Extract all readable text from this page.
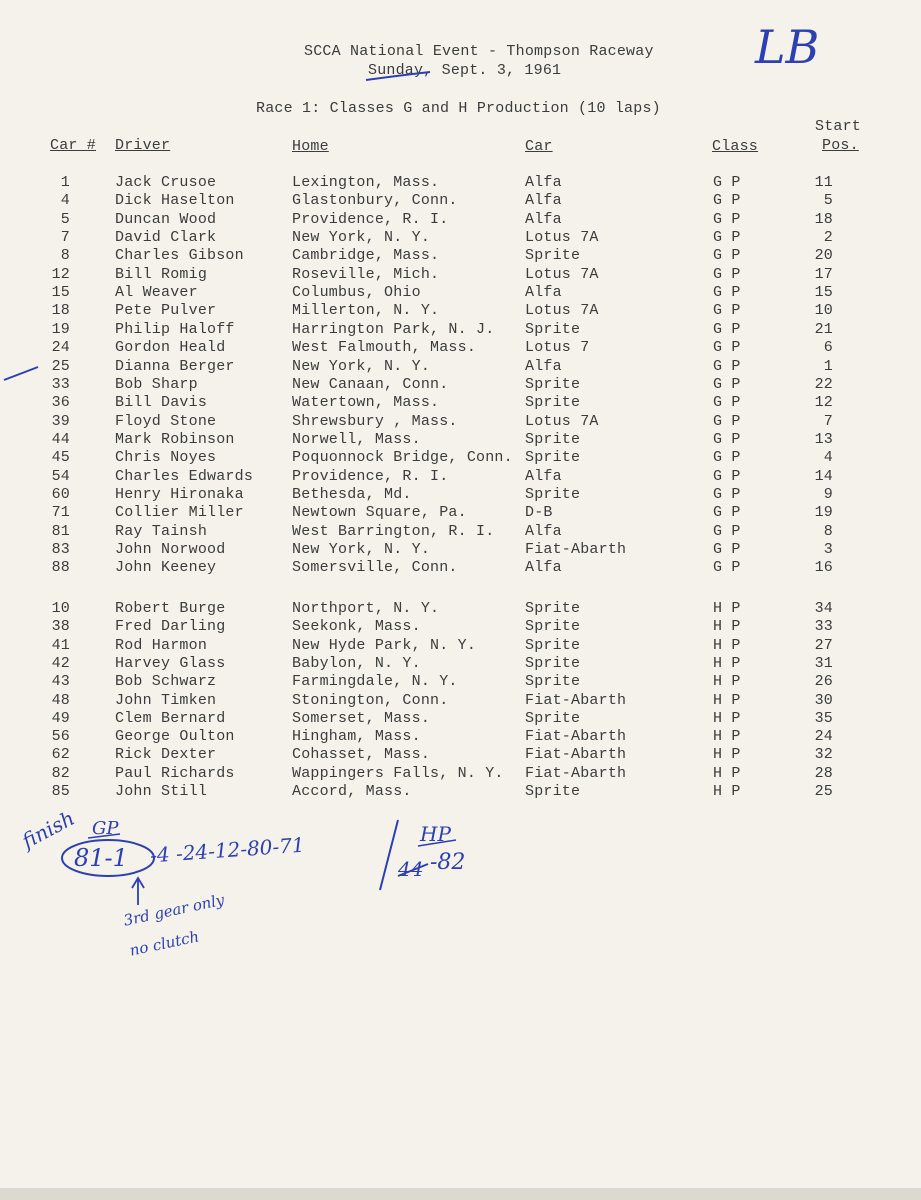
SCCA National Event - Thompson Raceway
Sunday, Sept. 3, 1961
Race 1: Classes G and H Production (10 laps)
Car # Driver	Home	Car	Class
Start
Pos.
1	Jack Crusoe	Lexington, Mass.	Alfa	G P	11
4	Dick Haselton	Glastonbury, Conn.	Alfa	G P	5
5	Duncan Wood	Providence, R. I.	Alfa	G P	18
7	David Clark	New York, N. Y.	Lotus 7A	G P	2
8	Charles Gibson	Cambridge, Mass.	Sprite	G P	20
12	Bill Romig	Roseville, Mich.	Lotus 7A	G P	17
15	Al Weaver	Columbus, Ohio	Alfa	G P	15
18	Pete Pulver	Millerton, N. Y.	Lotus 7A	G P	10
19	Philip Haloff	Harrington Park, N. J. Sprite	G P	21
24	Gordon Heald	West Falmouth, Mass.	Lotus 7	G P	6
25	Dianna Berger	New York, N. Y.	Alfa	G P	1
33	Bob Sharp	New Canaan, Conn.	Sprite	G P	22
36	Bill Davis	Watertown, Mass.	Sprite	G P	12
39	Floyd Stone	Shrewsbury , Mass.	Lotus 7A	G P	7
44	Mark Robinson	Norwell, Mass.	Sprite	G P	13
45	Chris Noyes	Poquonnock Bridge, Conn. Sprite	G P	4
54	Charles Edwards	Providence, R. I.	Alfa	G P	14
60	Henry Hironaka	Bethesda, Md.	Sprite	G P	9
71	Collier Miller	Newtown Square, Pa.	D-B	G P	19
81	Ray Tainsh	West Barrington, R. I. Alfa	G P	8
83	John Norwood	New York, N. Y.	Fiat-Abarth	G P	3
88	John Keeney	Somersville, Conn.	Alfa	G P	16
10	Robert Burge	Northport, N. Y.	Sprite	H P	34
38	Fred Darling	Seekonk, Mass.	Sprite	H P	33
41	Rod Harmon	New Hyde Park, N. Y.	Sprite	H P	27
42	Harvey Glass	Babylon, N. Y.	Sprite	H P	31
43	Bob Schwarz	Farmingdale, N. Y.	Sprite	H P	26
48	John Timken	Stonington, Conn.	Fiat-Abarth	H P	30
49	Clem Bernard	Somerset, Mass.	Sprite	H P	35
56	George Oulton	Hingham, Mass.	Fiat-Abarth	H P	24
62	Rick Dexter	Cohasset, Mass.	Fiat-Abarth	H P	32
82	Paul Richards	Wappingers Falls, N. Y. Fiat-Abarth	H P	28
85	John Still	Accord, Mass.	Sprite	H P	25
LB
finish GP
81-1 -4 -24-12-80-71	HP
44 -82
3rd gear only
no clutch
